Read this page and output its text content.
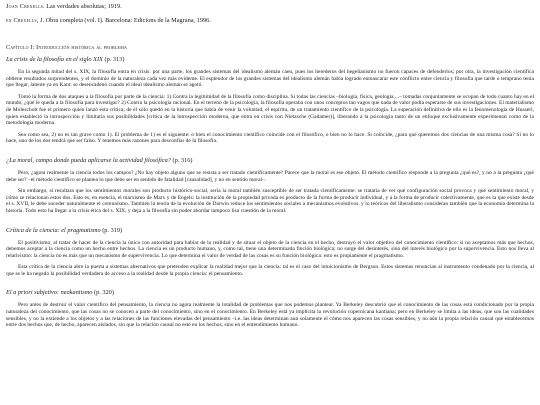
Joan Crexells. Las verdades absolutas; 1919.
en Crexells, J. Obra completa (vol. I). Barcelona: Edicions de la Magrana, 1996.
Capítulo I: Introducción histórica al problema
La crisis de la filosofía en el siglo XIX (p. 313)

En la segunda mitad del s. XIX, la filosofía entra en crisis: por una parte, los grandes sistemas del idealismo alemán caen, pues los herederos del hegelianismo no fueron capaces de defenderlos; por otra, la investigación científica obtiene resultados sorprendentes, y el dominio de la naturaleza cada vez más evidente. El esplendor de los grandes sistemas del idealismo alemán había logrado enmascarar este conflicto entre ciencia y filosofía que tarde o temprano tenía que llegar, latente ya en Kant: se desencadenó cuando el ideal idealismo alemán se agotó.

Tomó la forma de dos ataques a la filosofía por parte de la ciencia: 1) Contra la legitimidad de la filosofía como disciplina. Si todas las ciencias –biología, física, geología,...– tomadas conjuntamente se ocupan de todo cuanto hay en el mundo, ¿qué le queda a la filosofía para investigar? 2) Contra la psicología racional. En el terreno de la psicología, la filosofía operaba con unos conceptos tan vagos que nada de valor podía esperarse de sus investigaciones. El materialismo de Moleschott fue el primero quien lanzó esta crítica; de él sólo quedó en la historia que había de venir la voluntad, el espíritu, de un tratamiento científico de la psicología. La superación definitiva de ello es la fenomenología de Husserl, quien estableció la introspección y limitaría sus posibilidades [crítica de la introspección moderna, que entra en crisis con Nietzsche (Gadamer)], liberando a la psicología tanto de un enfoque exclusivamente experimental como de la metodología moderna.

Sea como sea, 2) no es tan grave como 1). El problema de 1) es el siguiente: o bien el conocimiento científico coincide con el filosófico, o bien no lo hace. Si coincide, ¿para qué queremos dos ciencias de una misma cosa? Si no lo hace, uno de los dos tendrá que ser falso. Y tenemos más razones para desconfiar de la filosofía.

¿La moral, campo donde pueda aplicarse la actividad filosófica? (p. 316)

Pero, ¿agota realmente la ciencia todos los campos? ¿No hay objeto alguno que se resista a ser tratado científicamente? Parece que la moral es ese objeto. El método científico responde a la pregunta ¿qué es?, y no a la pregunta ¿qué debe ser? –el método científico se plantea lo que debe ser en sentido de fatalidad [causalidad], y no en sentido moral–.

Sin embargo, sí resultara que los sentimientos morales son producto histórico-social, sería la moral también susceptible de ser tratada científicamente: se trataría de ver qué configuración social provoca y qué sentimiento moral, y cómo se relacionan estos dos. Esto es, en esencia, el marxismo de Marx y de Engels: la institución de la propiedad privada es producto de la forma de producir individual, y a la forma de producir colectivamente, que es la que existe desde el s. XVII, le debe suceder naturalmente el comunismo. También la teoría de la evolución de Darwin reduce los sentimientos sociales a mecanismos evolutivos, y lo teóricos del liberalismo consideran también que la economía determina la historia. Todo esto ha llegar a la crisis ética del s. XIX, y deja a la filosofía sin poder abordar tampoco lisa cuestión de la moral.

Crítica de la ciencia: el pragmatismo (p. 319)

El positivismo, al tratar de hacer de la ciencia la única con autoridad para hablar de la realidad y de situar el objeto de la ciencia en el hecho, destruyó el valor objetivo del conocimiento científico: si no aceptamos más que hechos, debemos aceptar a la ciencia como un hecho entre hechos. La ciencia es un producto humano, y, como tal, tiene una determinada finción biológica; no surge del desinterés, sino del interés biológico por la supervivencia. Esto nos lleva al relativismo: la ciencia no es más que un mecanismo de supervivencia. Lo que determina el valor de verdad de las cosas es su función biológica: esto es propiamente el pragmatismo.

Esta crítica de la ciencia abre la puerta a sistemas alternativos que pretenden explicar la realidad mejor que la ciencia: tal es el caso del intuicionismo de Bergson. Estos sistemas renuncian al instrumento condenado por la ciencia, al que se le ha negado la posibilidad verdadera de acceso a la realidad desde la propia ciencia: el pensamiento.

El a priori subjetivo: neokantismo (p. 320)

Pero antes de destruir el valor científico del pensamiento, la ciencia no agota realmente la totalidad de problemas que nos podemos plantear. Ya Berkeley descubrió que el conocimiento de las cosas está condicionado por la propia naturaleza del conocimiento, que las cosas no se conocen a parte del conocimiento, sino en el conocimiento. En Berkeley está ya implícita la revolución copernicana kantiana; pero en Berkeley se limita a las ideas, que son las cualidades sensibles, y no la extiende a los objetos y a las relaciones de las funciones elevadas del pensamiento –i.e. las ideas determinan aun solamente el cómo nos aparecen las cosas sensibles, y no aún la propia relación causal que establecemos entre dos hechos que, de hecho, aparecen aislados, sin que la relación causal no esté en los hechos, sino en el entendimiento humano.
